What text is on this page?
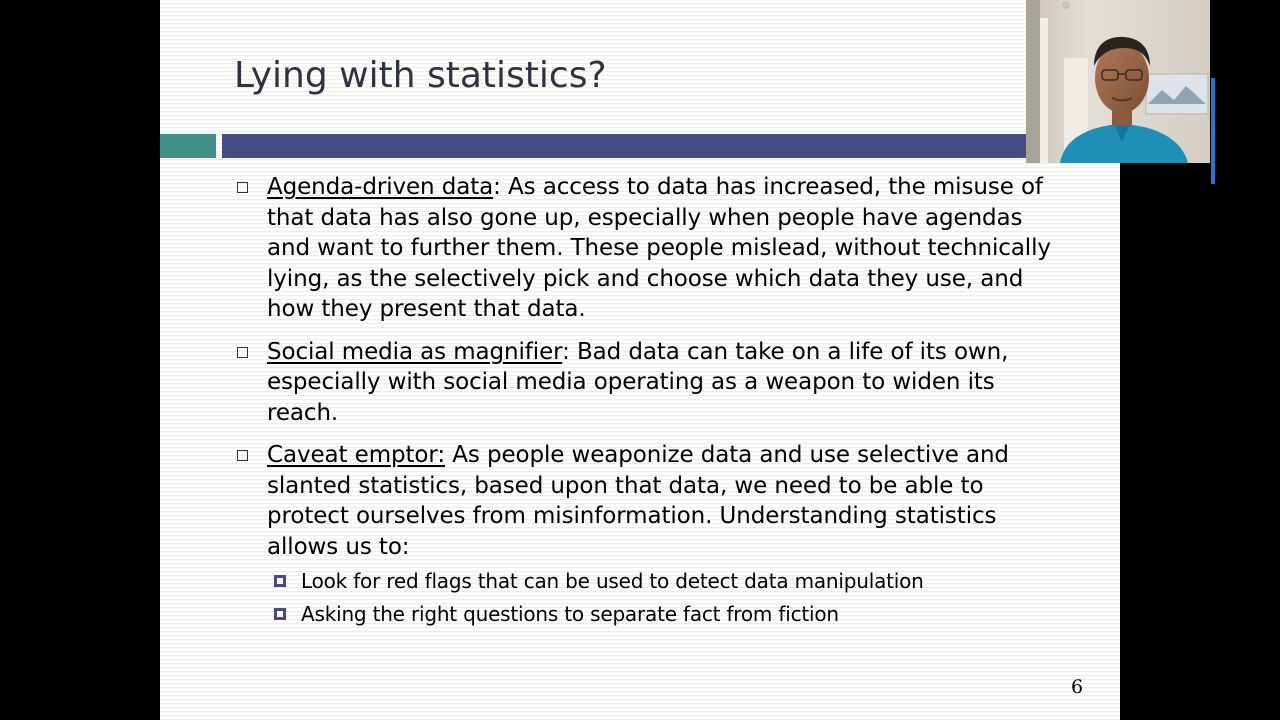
Lying with statistics?
Agenda-driven data: As access to data has increased, the misuse of that data has also gone up, especially when people have agendas and want to further them. These people mislead, without technically lying, as the selectively pick and choose which data they use, and how they present that data.
Social media as magnifier: Bad data can take on a life of its own, especially with social media operating as a weapon to widen its reach.
Caveat emptor: As people weaponize data and use selective and slanted statistics, based upon that data, we need to be able to protect ourselves from misinformation. Understanding statistics allows us to:
Look for red flags that can be used to detect data manipulation
Asking the right questions to separate fact from fiction
6
